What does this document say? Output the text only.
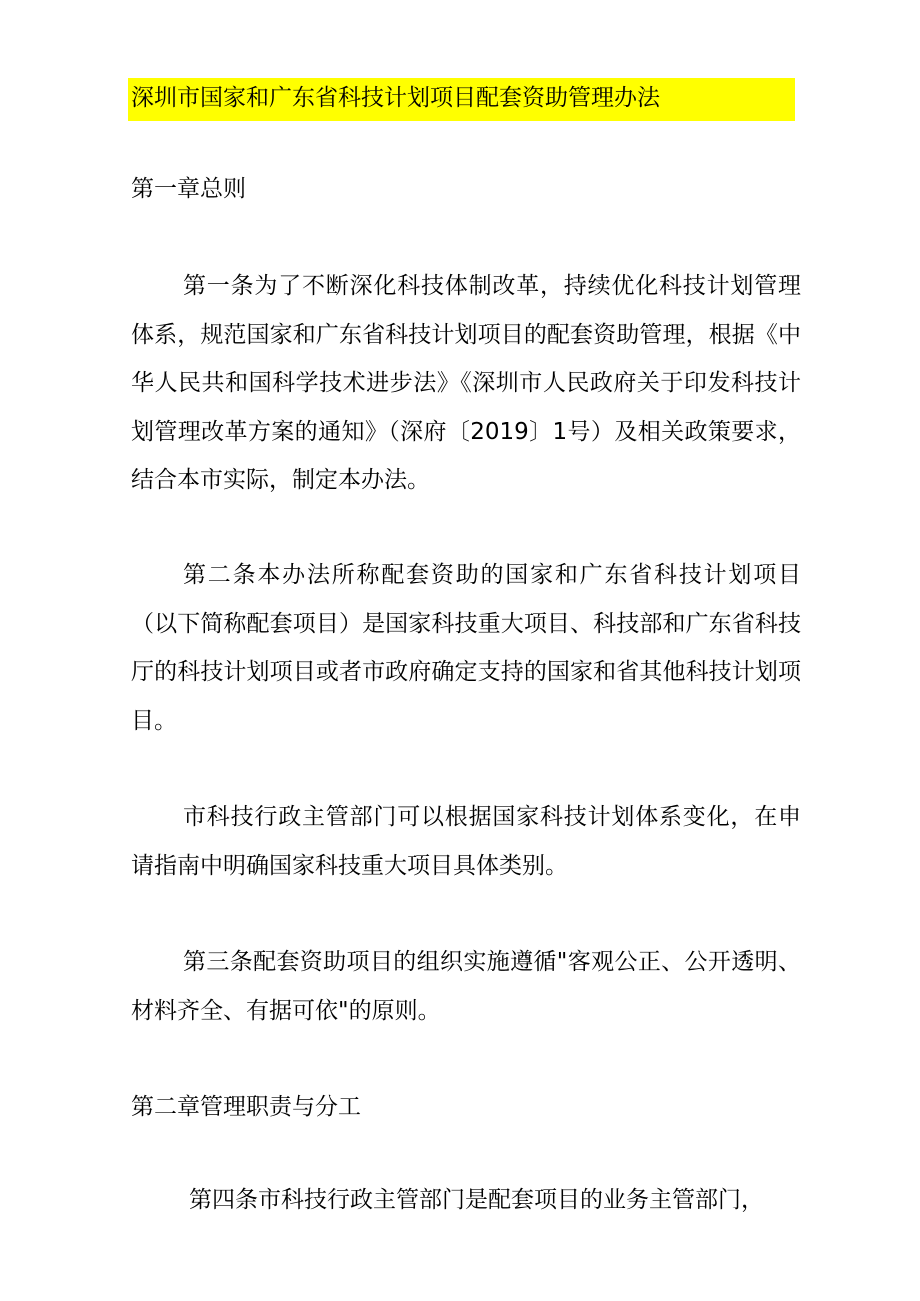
深圳市国家和广东省科技计划项目配套资助管理办法
第一章总则

第一条为了不断深化科技体制改革，持续优化科技计划管理体系，规范国家和广东省科技计划项目的配套资助管理，根据《中华人民共和国科学技术进步法》《深圳市人民政府关于印发科技计划管理改革方案的通知》（深府〔2019〕1号）及相关政策要求，结合本市实际，制定本办法。

第二条本办法所称配套资助的国家和广东省科技计划项目（以下简称配套项目）是国家科技重大项目、科技部和广东省科技厅的科技计划项目或者市政府确定支持的国家和省其他科技计划项目。

市科技行政主管部门可以根据国家科技计划体系变化，在申请指南中明确国家科技重大项目具体类别。

第三条配套资助项目的组织实施遵循"客观公正、公开透明、材料齐全、有据可依"的原则。

第二章管理职责与分工

第四条市科技行政主管部门是配套项目的业务主管部门，
